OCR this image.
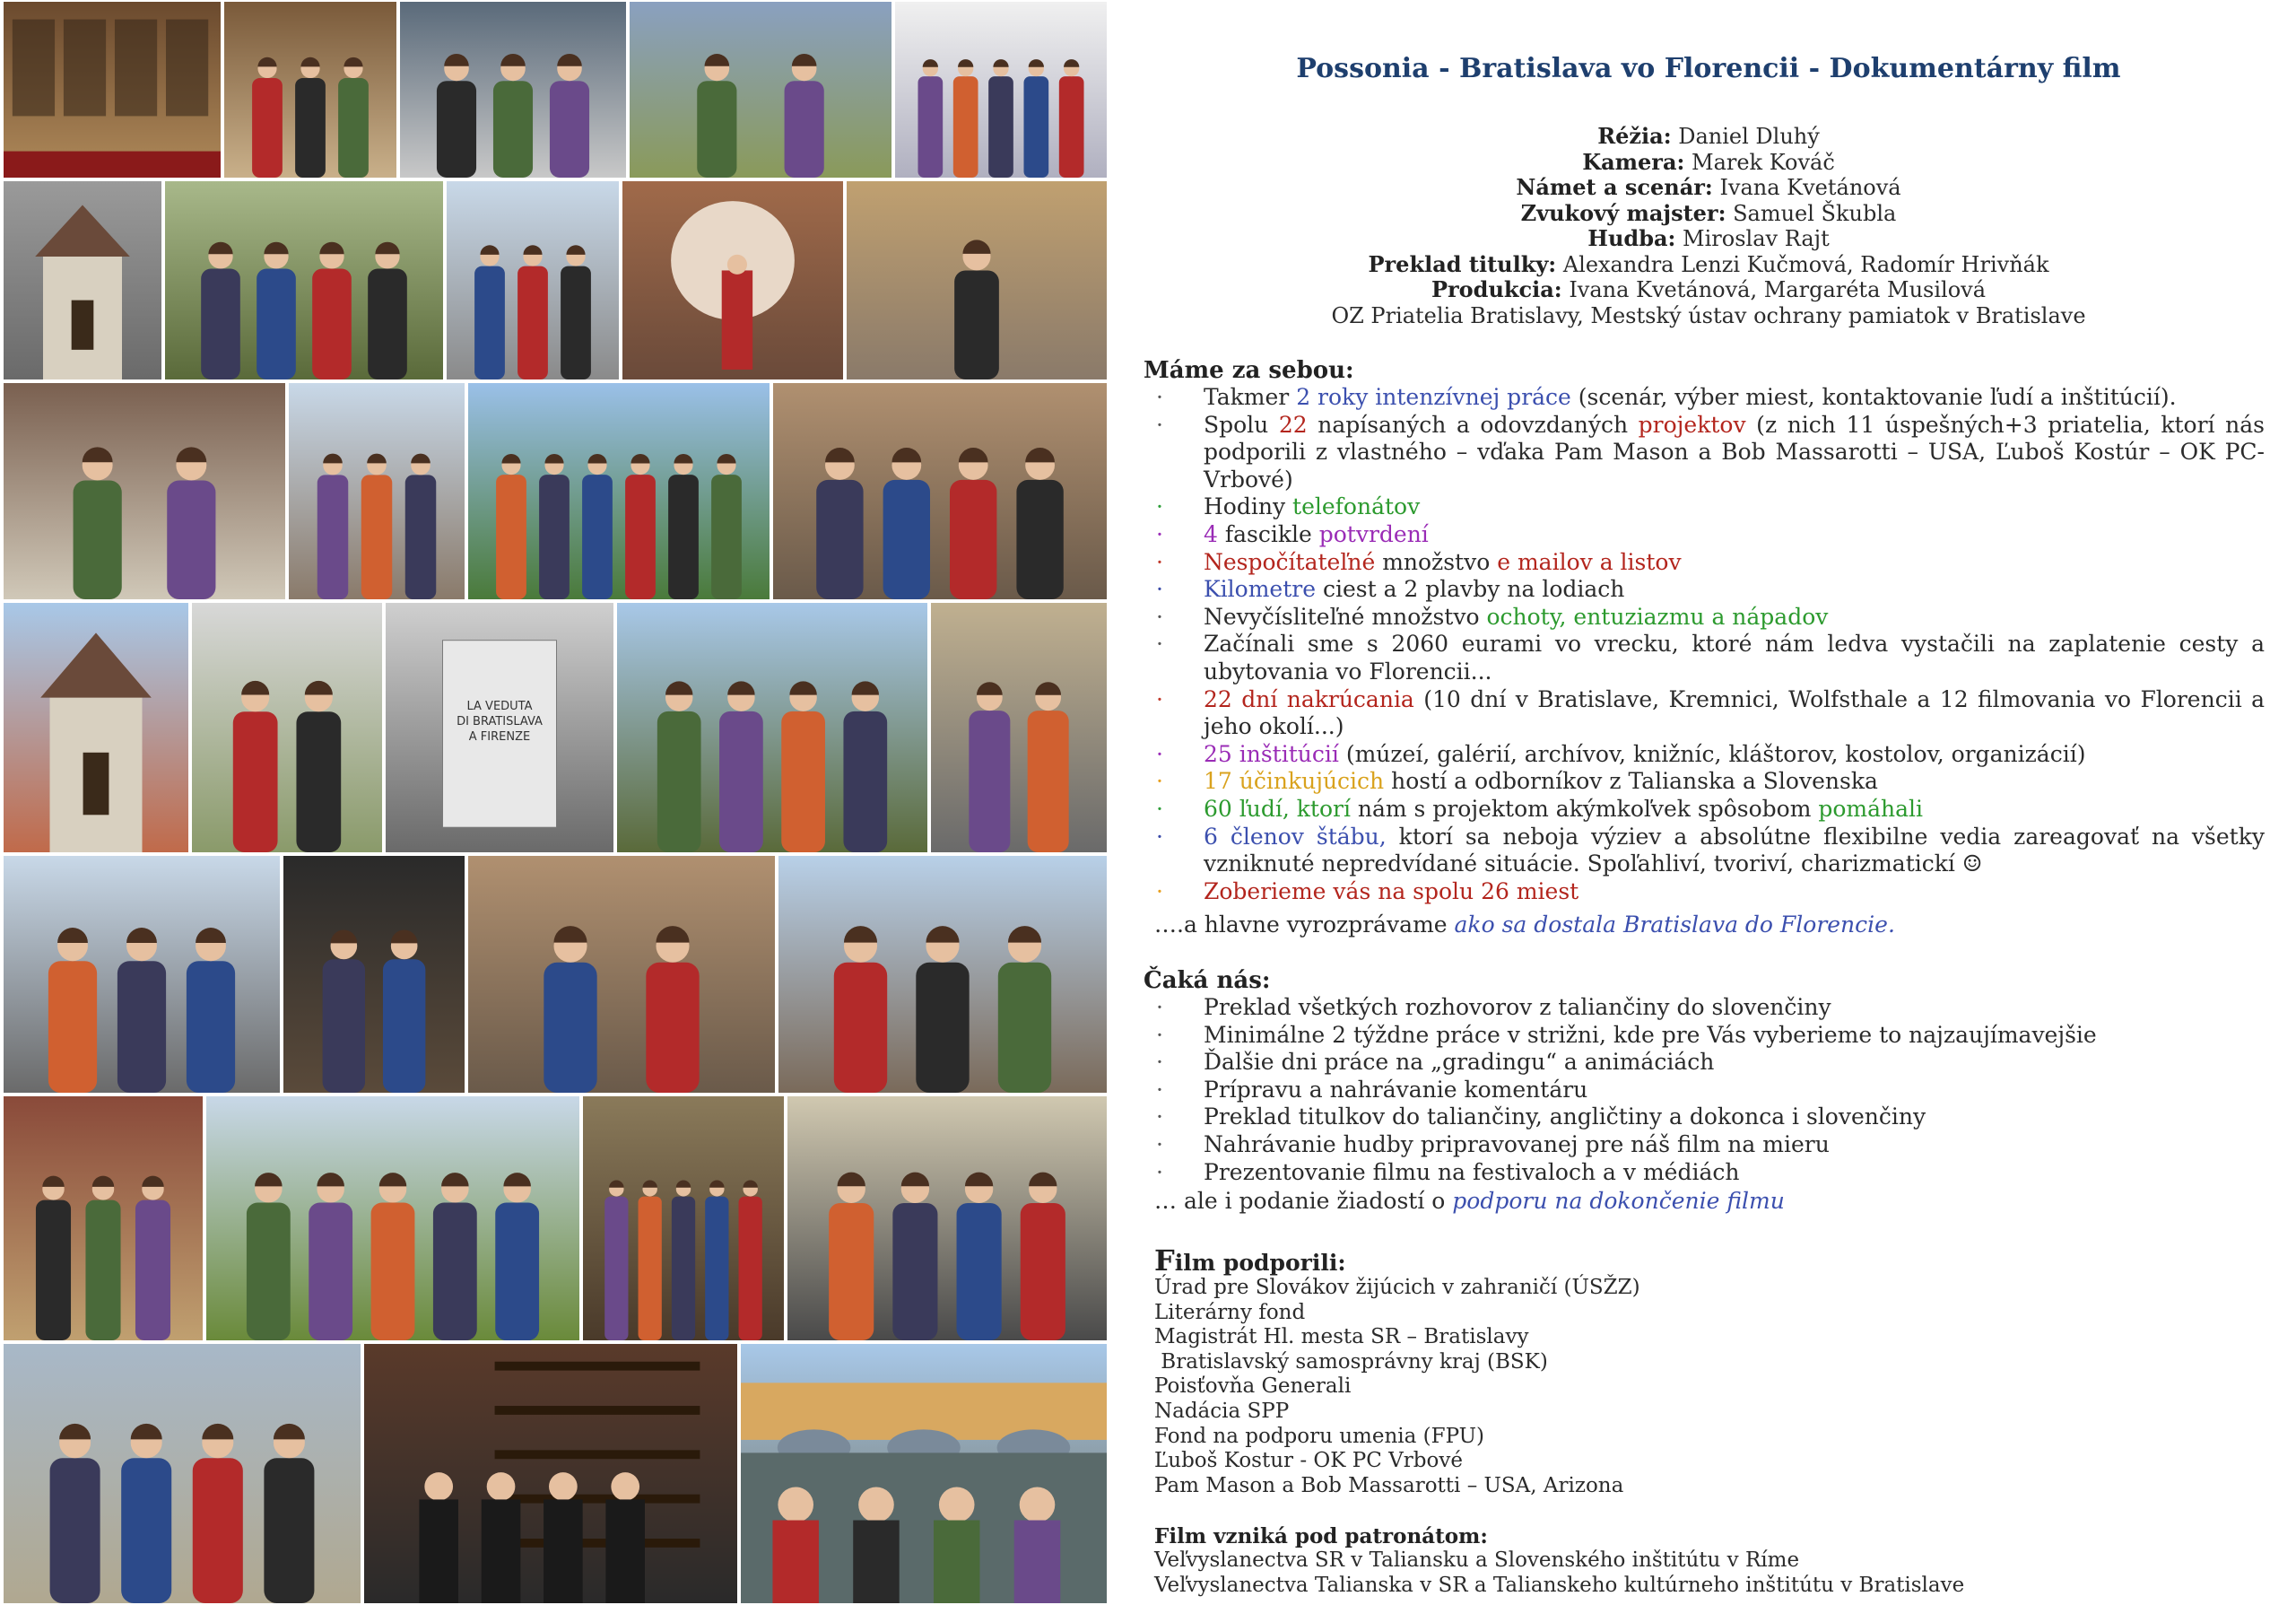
LA VEDUTA
DI BRATISLAVA
A FIRENZE
Possonia - Bratislava vo Florencii - Dokumentárny film
Réžia: Daniel Dluhý
Kamera: Marek Kováč
Námet a scenár: Ivana Kvetánová
Zvukový majster: Samuel Škubla
Hudba: Miroslav Rajt
Preklad titulky: Alexandra Lenzi Kučmová, Radomír Hrivňák
Produkcia: Ivana Kvetánová, Margaréta Musilová
OZ Priatelia Bratislavy, Mestský ústav ochrany pamiatok v Bratislave
Máme za sebou:
· Takmer 2 roky intenzívnej práce (scenár, výber miest, kontaktovanie ľudí a inštitúcií).
· Spolu 22 napísaných a odovzdaných projektov (z nich 11 úspešných+3 priatelia, ktorí nás podporili z vlastného – vďaka Pam Mason a Bob Massarotti – USA, Ľuboš Kostúr – OK PC-Vrbové)
· Hodiny telefonátov
· 4 fascikle potvrdení
· Nespočítateľné množstvo e mailov a listov
· Kilometre ciest a 2 plavby na lodiach
· Nevyčísliteľné množstvo ochoty, entuziazmu a nápadov
· Začínali sme s 2060 eurami vo vrecku, ktoré nám ledva vystačili na zaplatenie cesty a ubytovania vo Florencii...
· 22 dní nakrúcania (10 dní v Bratislave, Kremnici, Wolfsthale a 12 filmovania vo Florencii a jeho okolí...)
· 25 inštitúcií (múzeí, galérií, archívov, knižníc, kláštorov, kostolov, organizácií)
· 17 účinkujúcich hostí a odborníkov z Talianska a Slovenska
· 60 ľudí, ktorí nám s projektom akýmkoľvek spôsobom pomáhali
· 6 členov štábu, ktorí sa neboja výziev a absolútne flexibilne vedia zareagovať na všetky vzniknuté nepredvídané situácie. Spoľahliví, tvoriví, charizmatickí ☺
· Zoberieme vás na spolu 26 miest
….a hlavne vyrozprávame ako sa dostala Bratislava do Florencie.
Čaká nás:
· Preklad všetkých rozhovorov z taliančiny do slovenčiny
· Minimálne 2 týždne práce v strižni, kde pre Vás vyberieme to najzaujímavejšie
· Ďalšie dni práce na „gradingu“ a animáciách
· Prípravu a nahrávanie komentáru
· Preklad titulkov do taliančiny, angličtiny a dokonca i slovenčiny
· Nahrávanie hudby pripravovanej pre náš film na mieru
· Prezentovanie filmu na festivaloch a v médiách
… ale i podanie žiadostí o podporu na dokončenie filmu
Film podporili:
Úrad pre Slovákov žijúcich v zahraničí (ÚSŽZ)
Literárny fond
Magistrát Hl. mesta SR – Bratislavy
Bratislavský samosprávny kraj (BSK)
Poisťovňa Generali
Nadácia SPP
Fond na podporu umenia (FPU)
Ľuboš Kostur - OK PC Vrbové
Pam Mason a Bob Massarotti – USA, Arizona
Film vzniká pod patronátom:
Veľvyslanectva SR v Taliansku a Slovenského inštitútu v Ríme
Veľvyslanectva Talianska v SR a Talianskeho kultúrneho inštitútu v Bratislave
